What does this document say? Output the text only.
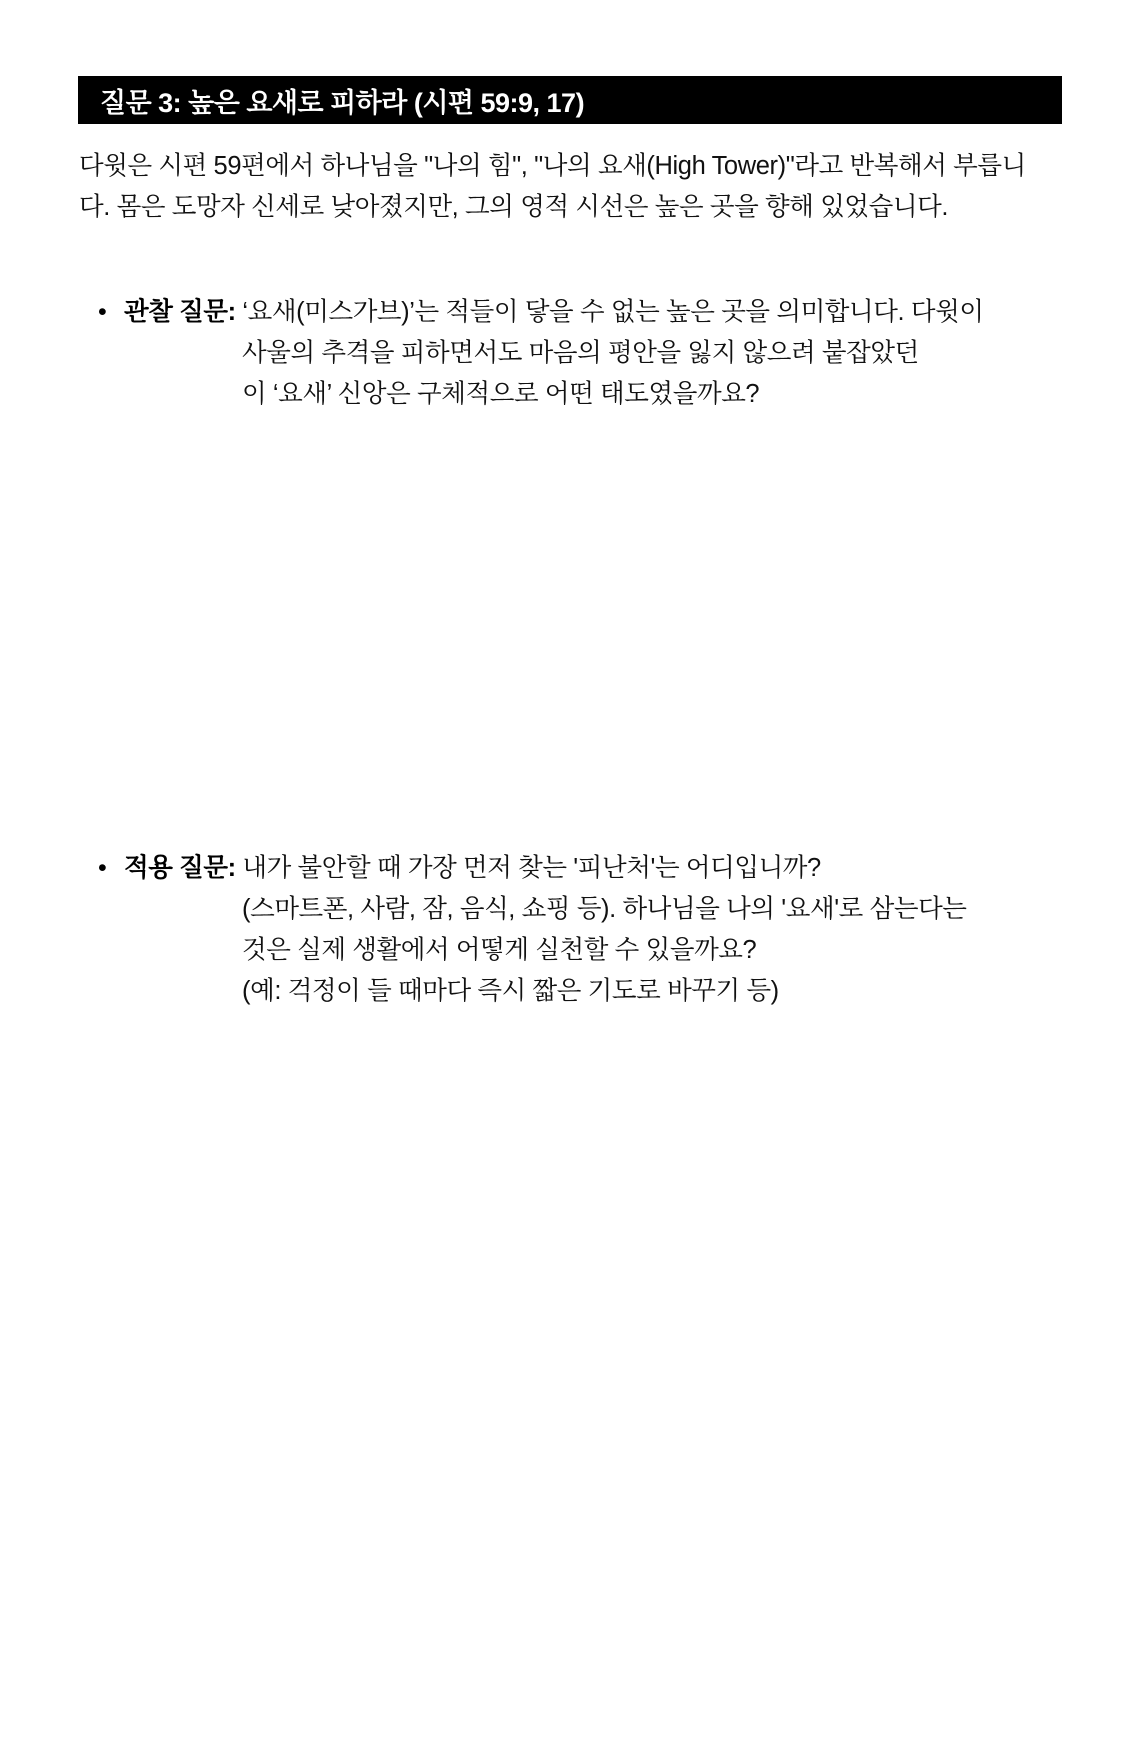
질문 3: 높은 요새로 피하라 (시편 59:9, 17)
다윗은 시편 59편에서 하나님을 "나의 힘", "나의 요새(High Tower)"라고 반복해서 부릅니다. 몸은 도망자 신세로 낮아졌지만, 그의 영적 시선은 높은 곳을 향해 있었습니다.
• 관찰 질문: ‘요새(미스가브)’는 적들이 닿을 수 없는 높은 곳을 의미합니다. 다윗이
사울의 추격을 피하면서도 마음의 평안을 잃지 않으려 붙잡았던
이 ‘요새’ 신앙은 구체적으로 어떤 태도였을까요?
• 적용 질문: 내가 불안할 때 가장 먼저 찾는 '피난처'는 어디입니까?
(스마트폰, 사람, 잠, 음식, 쇼핑 등). 하나님을 나의 '요새'로 삼는다는
것은 실제 생활에서 어떻게 실천할 수 있을까요?
(예: 걱정이 들 때마다 즉시 짧은 기도로 바꾸기 등)
